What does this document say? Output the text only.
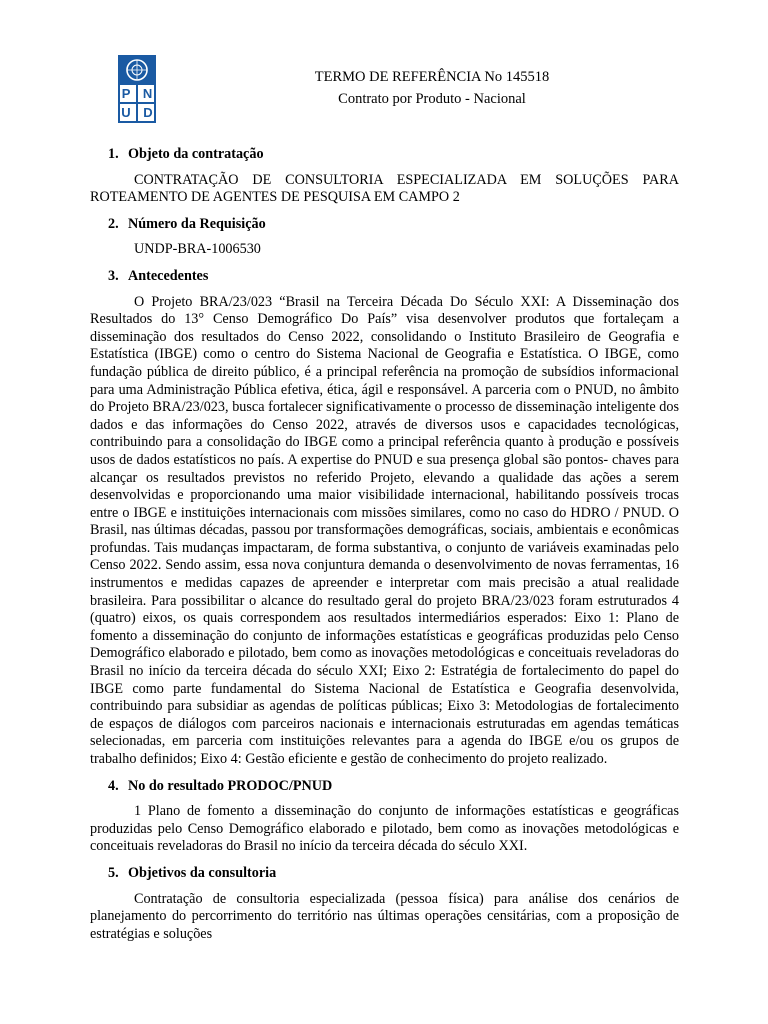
P N
U D
TERMO DE REFERÊNCIA No 145518
Contrato por Produto - Nacional
1. Objeto da contratação

CONTRATAÇÃO DE CONSULTORIA ESPECIALIZADA EM SOLUÇÕES PARA ROTEAMENTO DE AGENTES DE PESQUISA EM CAMPO 2

2. Número da Requisição

UNDP-BRA-1006530

3. Antecedentes

O Projeto BRA/23/023 “Brasil na Terceira Década Do Século XXI: A Disseminação dos Resultados do 13° Censo Demográfico Do País” visa desenvolver produtos que fortaleçam a disseminação dos resultados do Censo 2022, consolidando o Instituto Brasileiro de Geografia e Estatística (IBGE) como o centro do Sistema Nacional de Geografia e Estatística. O IBGE, como fundação pública de direito público, é a principal referência na promoção de subsídios informacional para uma Administração Pública efetiva, ética, ágil e responsável. A parceria com o PNUD, no âmbito do Projeto BRA/23/023, busca fortalecer significativamente o processo de disseminação inteligente dos dados e das informações do Censo 2022, através de diversos usos e capacidades tecnológicas, contribuindo para a consolidação do IBGE como a principal referência quanto à produção e possíveis usos de dados estatísticos no país. A expertise do PNUD e sua presença global são pontos- chaves para alcançar os resultados previstos no referido Projeto, elevando a qualidade das ações a serem desenvolvidas e proporcionando uma maior visibilidade internacional, habilitando possíveis trocas entre o IBGE e instituições internacionais com missões similares, como no caso do HDRO / PNUD. O Brasil, nas últimas décadas, passou por transformações demográficas, sociais, ambientais e econômicas profundas. Tais mudanças impactaram, de forma substantiva, o conjunto de variáveis examinadas pelo Censo 2022. Sendo assim, essa nova conjuntura demanda o desenvolvimento de novas ferramentas, 16 instrumentos e medidas capazes de apreender e interpretar com mais precisão a atual realidade brasileira. Para possibilitar o alcance do resultado geral do projeto BRA/23/023 foram estruturados 4 (quatro) eixos, os quais correspondem aos resultados intermediários esperados: Eixo 1: Plano de fomento a disseminação do conjunto de informações estatísticas e geográficas produzidas pelo Censo Demográfico elaborado e pilotado, bem como as inovações metodológicas e conceituais reveladoras do Brasil no início da terceira década do século XXI; Eixo 2: Estratégia de fortalecimento do papel do IBGE como parte fundamental do Sistema Nacional de Estatística e Geografia desenvolvida, contribuindo para subsidiar as agendas de políticas públicas; Eixo 3: Metodologias de fortalecimento de espaços de diálogos com parceiros nacionais e internacionais estruturadas em agendas temáticas selecionadas, em parceria com instituições relevantes para a agenda do IBGE e/ou os grupos de trabalho definidos; Eixo 4: Gestão eficiente e gestão de conhecimento do projeto realizado.

4. No do resultado PRODOC/PNUD

1 Plano de fomento a disseminação do conjunto de informações estatísticas e geográficas produzidas pelo Censo Demográfico elaborado e pilotado, bem como as inovações metodológicas e conceituais reveladoras do Brasil no início da terceira década do século XXI.

5. Objetivos da consultoria

Contratação de consultoria especializada (pessoa física) para análise dos cenários de planejamento do percorrimento do território nas últimas operações censitárias, com a proposição de estratégias e soluções
